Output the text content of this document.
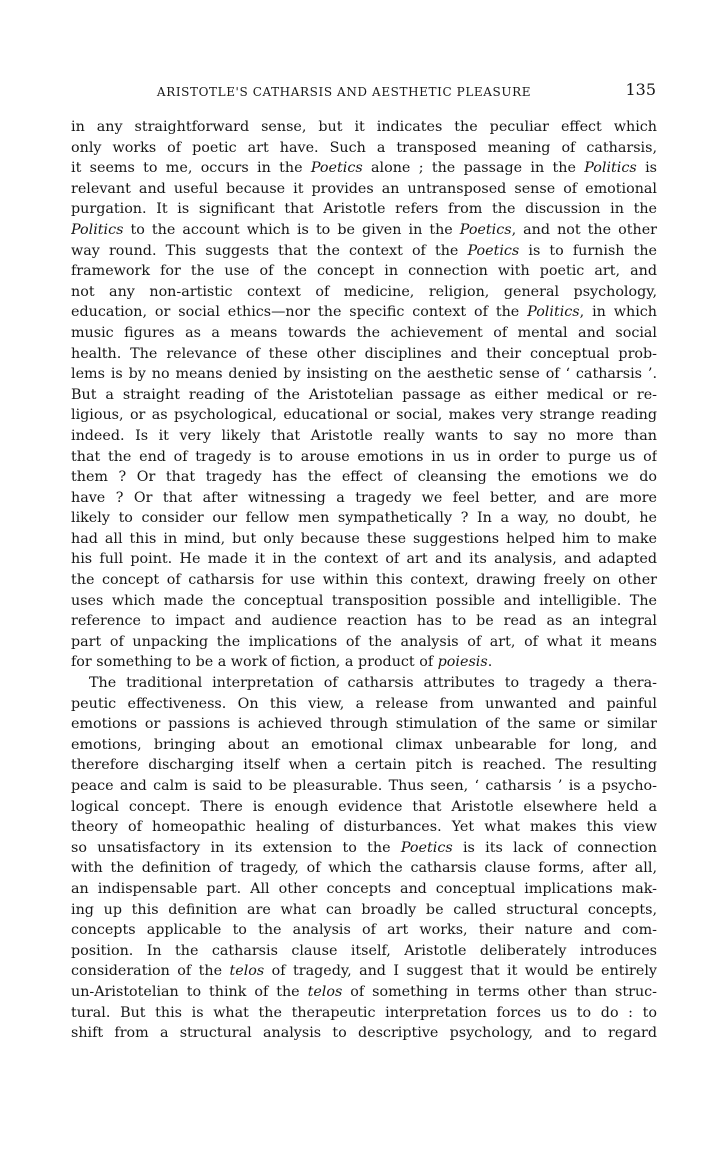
ARISTOTLE'S CATHARSIS AND AESTHETIC PLEASURE	135
in any straightforward sense, but it indicates the peculiar effect which
only works of poetic art have. Such a transposed meaning of catharsis,
it seems to me, occurs in the Poetics alone ; the passage in the Politics is
relevant and useful because it provides an untransposed sense of emotional
purgation. It is significant that Aristotle refers from the discussion in the
Politics to the account which is to be given in the Poetics, and not the other
way round. This suggests that the context of the Poetics is to furnish the
framework for the use of the concept in connection with poetic art, and
not any non-artistic context of medicine, religion, general psychology,
education, or social ethics—nor the specific context of the Politics, in which
music figures as a means towards the achievement of mental and social
health. The relevance of these other disciplines and their conceptual prob-
lems is by no means denied by insisting on the aesthetic sense of ‘ catharsis ’.
But a straight reading of the Aristotelian passage as either medical or re-
ligious, or as psychological, educational or social, makes very strange reading
indeed. Is it very likely that Aristotle really wants to say no more than
that the end of tragedy is to arouse emotions in us in order to purge us of
them ? Or that tragedy has the effect of cleansing the emotions we do
have ? Or that after witnessing a tragedy we feel better, and are more
likely to consider our fellow men sympathetically ? In a way, no doubt, he
had all this in mind, but only because these suggestions helped him to make
his full point. He made it in the context of art and its analysis, and adapted
the concept of catharsis for use within this context, drawing freely on other
uses which made the conceptual transposition possible and intelligible. The
reference to impact and audience reaction has to be read as an integral
part of unpacking the implications of the analysis of art, of what it means
for something to be a work of fiction, a product of poiesis.
The traditional interpretation of catharsis attributes to tragedy a thera-
peutic effectiveness. On this view, a release from unwanted and painful
emotions or passions is achieved through stimulation of the same or similar
emotions, bringing about an emotional climax unbearable for long, and
therefore discharging itself when a certain pitch is reached. The resulting
peace and calm is said to be pleasurable. Thus seen, ‘ catharsis ’ is a psycho-
logical concept. There is enough evidence that Aristotle elsewhere held a
theory of homeopathic healing of disturbances. Yet what makes this view
so unsatisfactory in its extension to the Poetics is its lack of connection
with the definition of tragedy, of which the catharsis clause forms, after all,
an indispensable part. All other concepts and conceptual implications mak-
ing up this definition are what can broadly be called structural concepts,
concepts applicable to the analysis of art works, their nature and com-
position. In the catharsis clause itself, Aristotle deliberately introduces
consideration of the telos of tragedy, and I suggest that it would be entirely
un-Aristotelian to think of the telos of something in terms other than struc-
tural. But this is what the therapeutic interpretation forces us to do : to
shift from a structural analysis to descriptive psychology, and to regard
